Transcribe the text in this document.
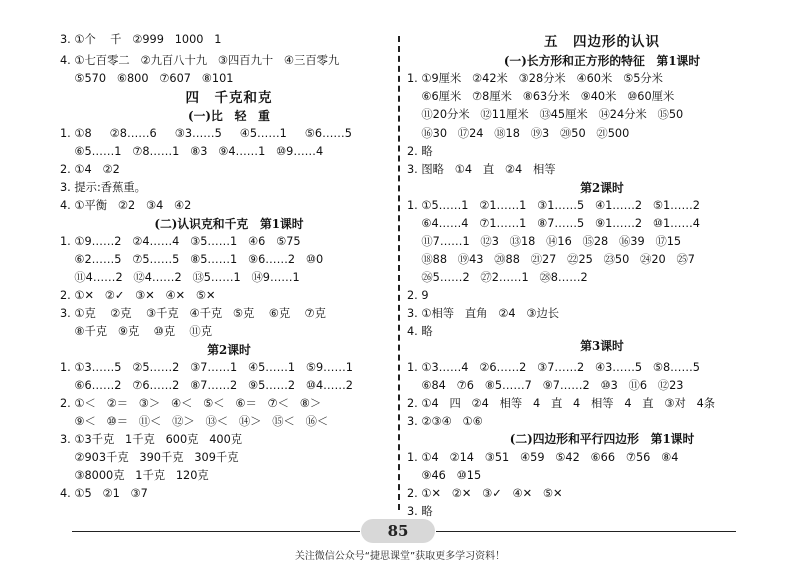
3. ①个    千   ②999   1000   1
4. ①七百零二   ②九百八十九   ③四百九十   ④三百零九
⑤570   ⑥800   ⑦607   ⑧101
四　千克和克
(一)比　轻　重
1. ①8     ②8……6     ③3……5     ④5……1     ⑤6……5
⑥5……1   ⑦8……1   ⑧3   ⑨4……1   ⑩9……4
2. ①4   ②2
3. 提示:香蕉重。
4. ①平衡   ②2   ③4   ④2
(二)认识克和千克　第1课时
1. ①9……2   ②4……4   ③5……1   ④6   ⑤75
⑥2……5   ⑦5……5   ⑧5……1   ⑨6……2   ⑩0
⑪4……2   ⑫4……2   ⑬5……1   ⑭9……1
2. ①✕   ②✓   ③✕   ④✕   ⑤✕
3. ①克    ②克    ③千克   ④千克   ⑤克    ⑥克    ⑦克
⑧千克   ⑨克    ⑩克    ⑪克
第2课时
1. ①3……5   ②5……2   ③7……1   ④5……1   ⑤9……1
⑥6……2   ⑦6……2   ⑧7……2   ⑨5……2   ⑩4……2
2. ①＜   ②＝   ③＞   ④＜   ⑤＜   ⑥＝   ⑦＜   ⑧＞
⑨＜   ⑩＝   ⑪＜   ⑫＞   ⑬＜   ⑭＞   ⑮＜   ⑯＜
3. ①3千克   1千克   600克   400克
②903千克   390千克   309千克
③8000克   1千克   120克
4. ①5   ②1   ③7
五　四边形的认识
(一)长方形和正方形的特征　第1课时
1. ①9厘米   ②42米   ③28分米   ④60米   ⑤5分米
⑥6厘米   ⑦8厘米   ⑧63分米   ⑨40米   ⑩60厘米
⑪20分米   ⑫11厘米   ⑬45厘米   ⑭24分米   ⑮50
⑯30   ⑰24   ⑱18   ⑲3   ⑳50   ㉑500
2. 略
3. 图略   ①4   直   ②4   相等
第2课时
1. ①5……1   ②1……1   ③1……5   ④1……2   ⑤1……2
⑥4……4   ⑦1……1   ⑧7……5   ⑨1……2   ⑩1……4
⑪7……1   ⑫3   ⑬18   ⑭16   ⑮28   ⑯39   ⑰15
⑱88   ⑲43   ⑳88   ㉑27   ㉒25   ㉓50   ㉔20   ㉕7
㉖5……2   ㉗2……1   ㉘8……2
2. 9
3. ①相等   直角   ②4   ③边长
4. 略
第3课时
1. ①3……4   ②6……2   ③7……2   ④3……5   ⑤8……5
⑥84   ⑦6   ⑧5……7   ⑨7……2   ⑩3   ⑪6   ⑫23
2. ①4   四   ②4   相等   4   直   4   相等   4   直   ③对   4条
3. ②③④   ①⑥
(二)四边形和平行四边形　第1课时
1. ①4   ②14   ③51   ④59   ⑤42   ⑥66   ⑦56   ⑧4
⑨46   ⑩15
2. ①✕   ②✕   ③✓   ④✕   ⑤✕
3. 略
85
关注微信公众号“捷思课堂”获取更多学习资料！
